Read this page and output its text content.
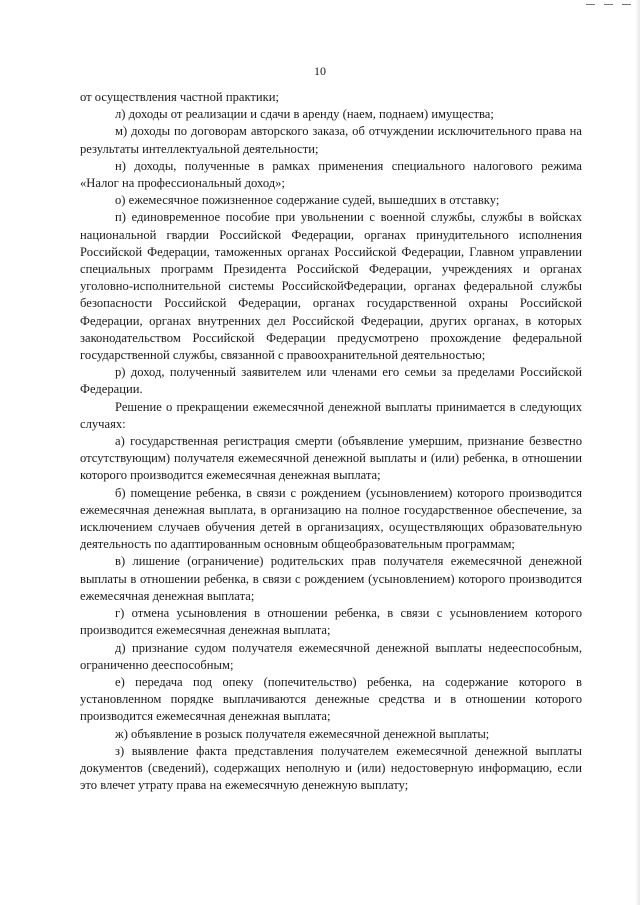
10

от осуществления частной практики;

л) доходы от реализации и сдачи в аренду (наем, поднаем) имущества;

м) доходы по договорам авторского заказа, об отчуждении исключительного права на результаты интеллектуальной деятельности;

н) доходы, полученные в рамках применения специального налогового режима «Налог на профессиональный доход»;

о) ежемесячное пожизненное содержание судей, вышедших в отставку;

п) единовременное пособие при увольнении с военной службы, службы в войсках национальной гвардии Российской Федерации, органах принудительного исполнения Российской Федерации, таможенных органах Российской Федерации, Главном управлении специальных программ Президента Российской Федерации, учреждениях и органах уголовно-исполнительной системы РоссийскойФедерации, органах федеральной службы безопасности Российской Федерации, органах государственной охраны Российской Федерации, органах внутренних дел Российской Федерации, других органах, в которых законодательством Российской Федерации предусмотрено прохождение федеральной государственной службы, связанной с правоохранительной деятельностью;

р) доход, полученный заявителем или членами его семьи за пределами Российской Федерации.

Решение о прекращении ежемесячной денежной выплаты принимается в следующих случаях:

а) государственная регистрация смерти (объявление умершим, признание безвестно отсутствующим) получателя ежемесячной денежной выплаты и (или) ребенка, в отношении которого производится ежемесячная денежная выплата;

б) помещение ребенка, в связи с рождением (усыновлением) которого производится ежемесячная денежная выплата, в организацию на полное государственное обеспечение, за исключением случаев обучения детей в организациях, осуществляющих образовательную деятельность по адаптированным основным общеобразовательным программам;

в) лишение (ограничение) родительских прав получателя ежемесячной денежной выплаты в отношении ребенка, в связи с рождением (усыновлением) которого производится ежемесячная денежная выплата;

г) отмена усыновления в отношении ребенка, в связи с усыновлением которого производится ежемесячная денежная выплата;

д) признание судом получателя ежемесячной денежной выплаты недееспособным, ограниченно дееспособным;

е) передача под опеку (попечительство) ребенка, на содержание которого в установленном порядке выплачиваются денежные средства и в отношении которого производится ежемесячная денежная выплата;

ж) объявление в розыск получателя ежемесячной денежной выплаты;

з) выявление факта представления получателем ежемесячной денежной выплаты документов (сведений), содержащих неполную и (или) недостоверную информацию, если это влечет утрату права на ежемесячную денежную выплату;
